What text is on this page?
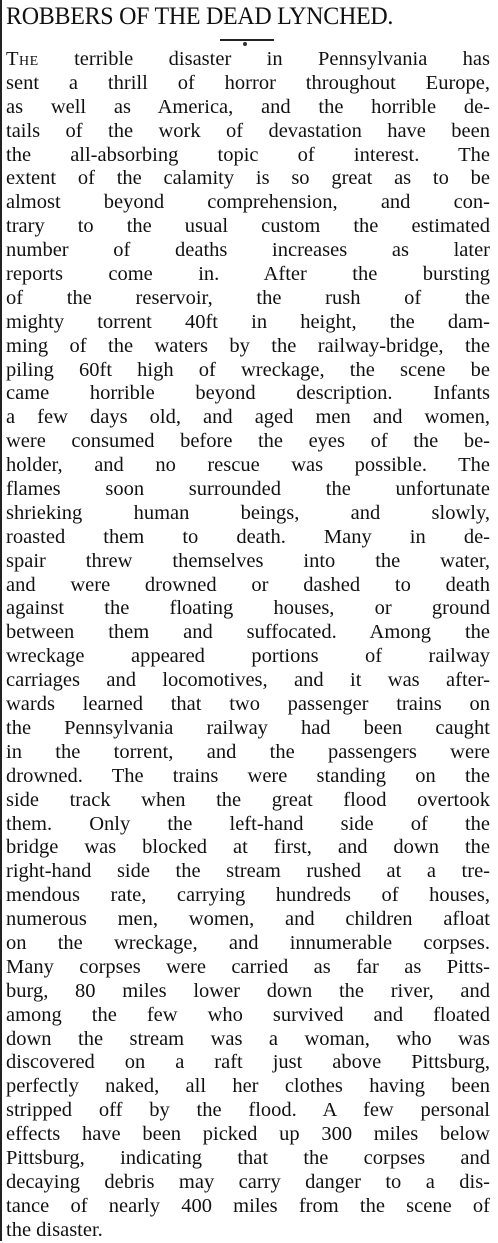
ROBBERS OF THE DEAD LYNCHED.
The terrible disaster in Pennsylvania has
sent a thrill of horror throughout Europe,
as well as America, and the horrible de-
tails of the work of devastation have been
the all-absorbing topic of interest. The
extent of the calamity is so great as to be
almost beyond comprehension, and con-
trary to the usual custom the estimated
number of deaths increases as later
reports come in. After the bursting
of the reservoir, the rush of the
mighty torrent 40ft in height, the dam-
ming of the waters by the railway-bridge, the
piling 60ft high of wreckage, the scene be
came horrible beyond description. Infants
a few days old, and aged men and women,
were consumed before the eyes of the be-
holder, and no rescue was possible. The
flames soon surrounded the unfortunate
shrieking human beings, and slowly,
roasted them to death. Many in de-
spair threw themselves into the water,
and were drowned or dashed to death
against the floating houses, or ground
between them and suffocated. Among the
wreckage appeared portions of railway
carriages and locomotives, and it was after-
wards learned that two passenger trains on
the Pennsylvania railway had been caught
in the torrent, and the passengers were
drowned. The trains were standing on the
side track when the great flood overtook
them. Only the left-hand side of the
bridge was blocked at first, and down the
right-hand side the stream rushed at a tre-
mendous rate, carrying hundreds of houses,
numerous men, women, and children afloat
on the wreckage, and innumerable corpses.
Many corpses were carried as far as Pitts-
burg, 80 miles lower down the river, and
among the few who survived and floated
down the stream was a woman, who was
discovered on a raft just above Pittsburg,
perfectly naked, all her clothes having been
stripped off by the flood. A few personal
effects have been picked up 300 miles below
Pittsburg, indicating that the corpses and
decaying debris may carry danger to a dis-
tance of nearly 400 miles from the scene of
the disaster.
